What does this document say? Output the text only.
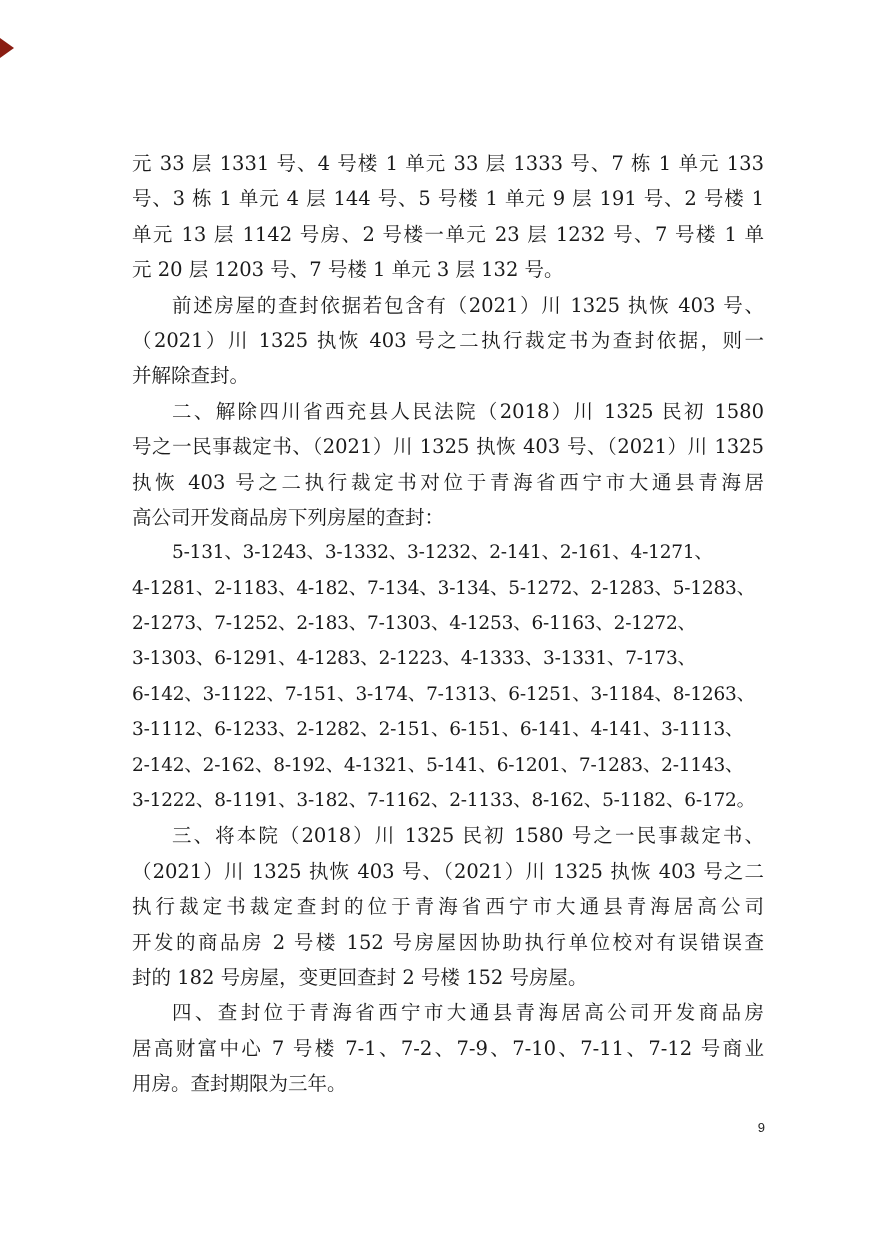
元 33 层 1331 号、4 号楼 1 单元 33 层 1333 号、7 栋 1 单元 133
号、3 栋 1 单元 4 层 144 号、5 号楼 1 单元 9 层 191 号、2 号楼 1
单元 13 层 1142 号房、2 号楼一单元 23 层 1232 号、7 号楼 1 单
元 20 层 1203 号、7 号楼 1 单元 3 层 132 号。
前述房屋的查封依据若包含有（2021）川 1325 执恢 403 号、
（2021）川 1325 执恢 403 号之二执行裁定书为查封依据，则一
并解除查封。
二、解除四川省西充县人民法院（2018）川 1325 民初 1580
号之一民事裁定书、（2021）川 1325 执恢 403 号、（2021）川 1325
执恢 403 号之二执行裁定书对位于青海省西宁市大通县青海居
高公司开发商品房下列房屋的查封：
5-131、3-1243、3-1332、3-1232、2-141、2-161、4-1271、
4-1281、2-1183、4-182、7-134、3-134、5-1272、2-1283、5-1283、
2-1273、7-1252、2-183、7-1303、4-1253、6-1163、2-1272、
3-1303、6-1291、4-1283、2-1223、4-1333、3-1331、7-173、
6-142、3-1122、7-151、3-174、7-1313、6-1251、3-1184、8-1263、
3-1112、6-1233、2-1282、2-151、6-151、6-141、4-141、3-1113、
2-142、2-162、8-192、4-1321、5-141、6-1201、7-1283、2-1143、
3-1222、8-1191、3-182、7-1162、2-1133、8-162、5-1182、6-172。
三、将本院（2018）川 1325 民初 1580 号之一民事裁定书、
（2021）川 1325 执恢 403 号、（2021）川 1325 执恢 403 号之二
执行裁定书裁定查封的位于青海省西宁市大通县青海居高公司
开发的商品房 2 号楼 152 号房屋因协助执行单位校对有误错误查
封的 182 号房屋，变更回查封 2 号楼 152 号房屋。
四、查封位于青海省西宁市大通县青海居高公司开发商品房
居高财富中心 7 号楼 7-1、7-2、7-9、7-10、7-11、7-12 号商业
用房。查封期限为三年。
9
